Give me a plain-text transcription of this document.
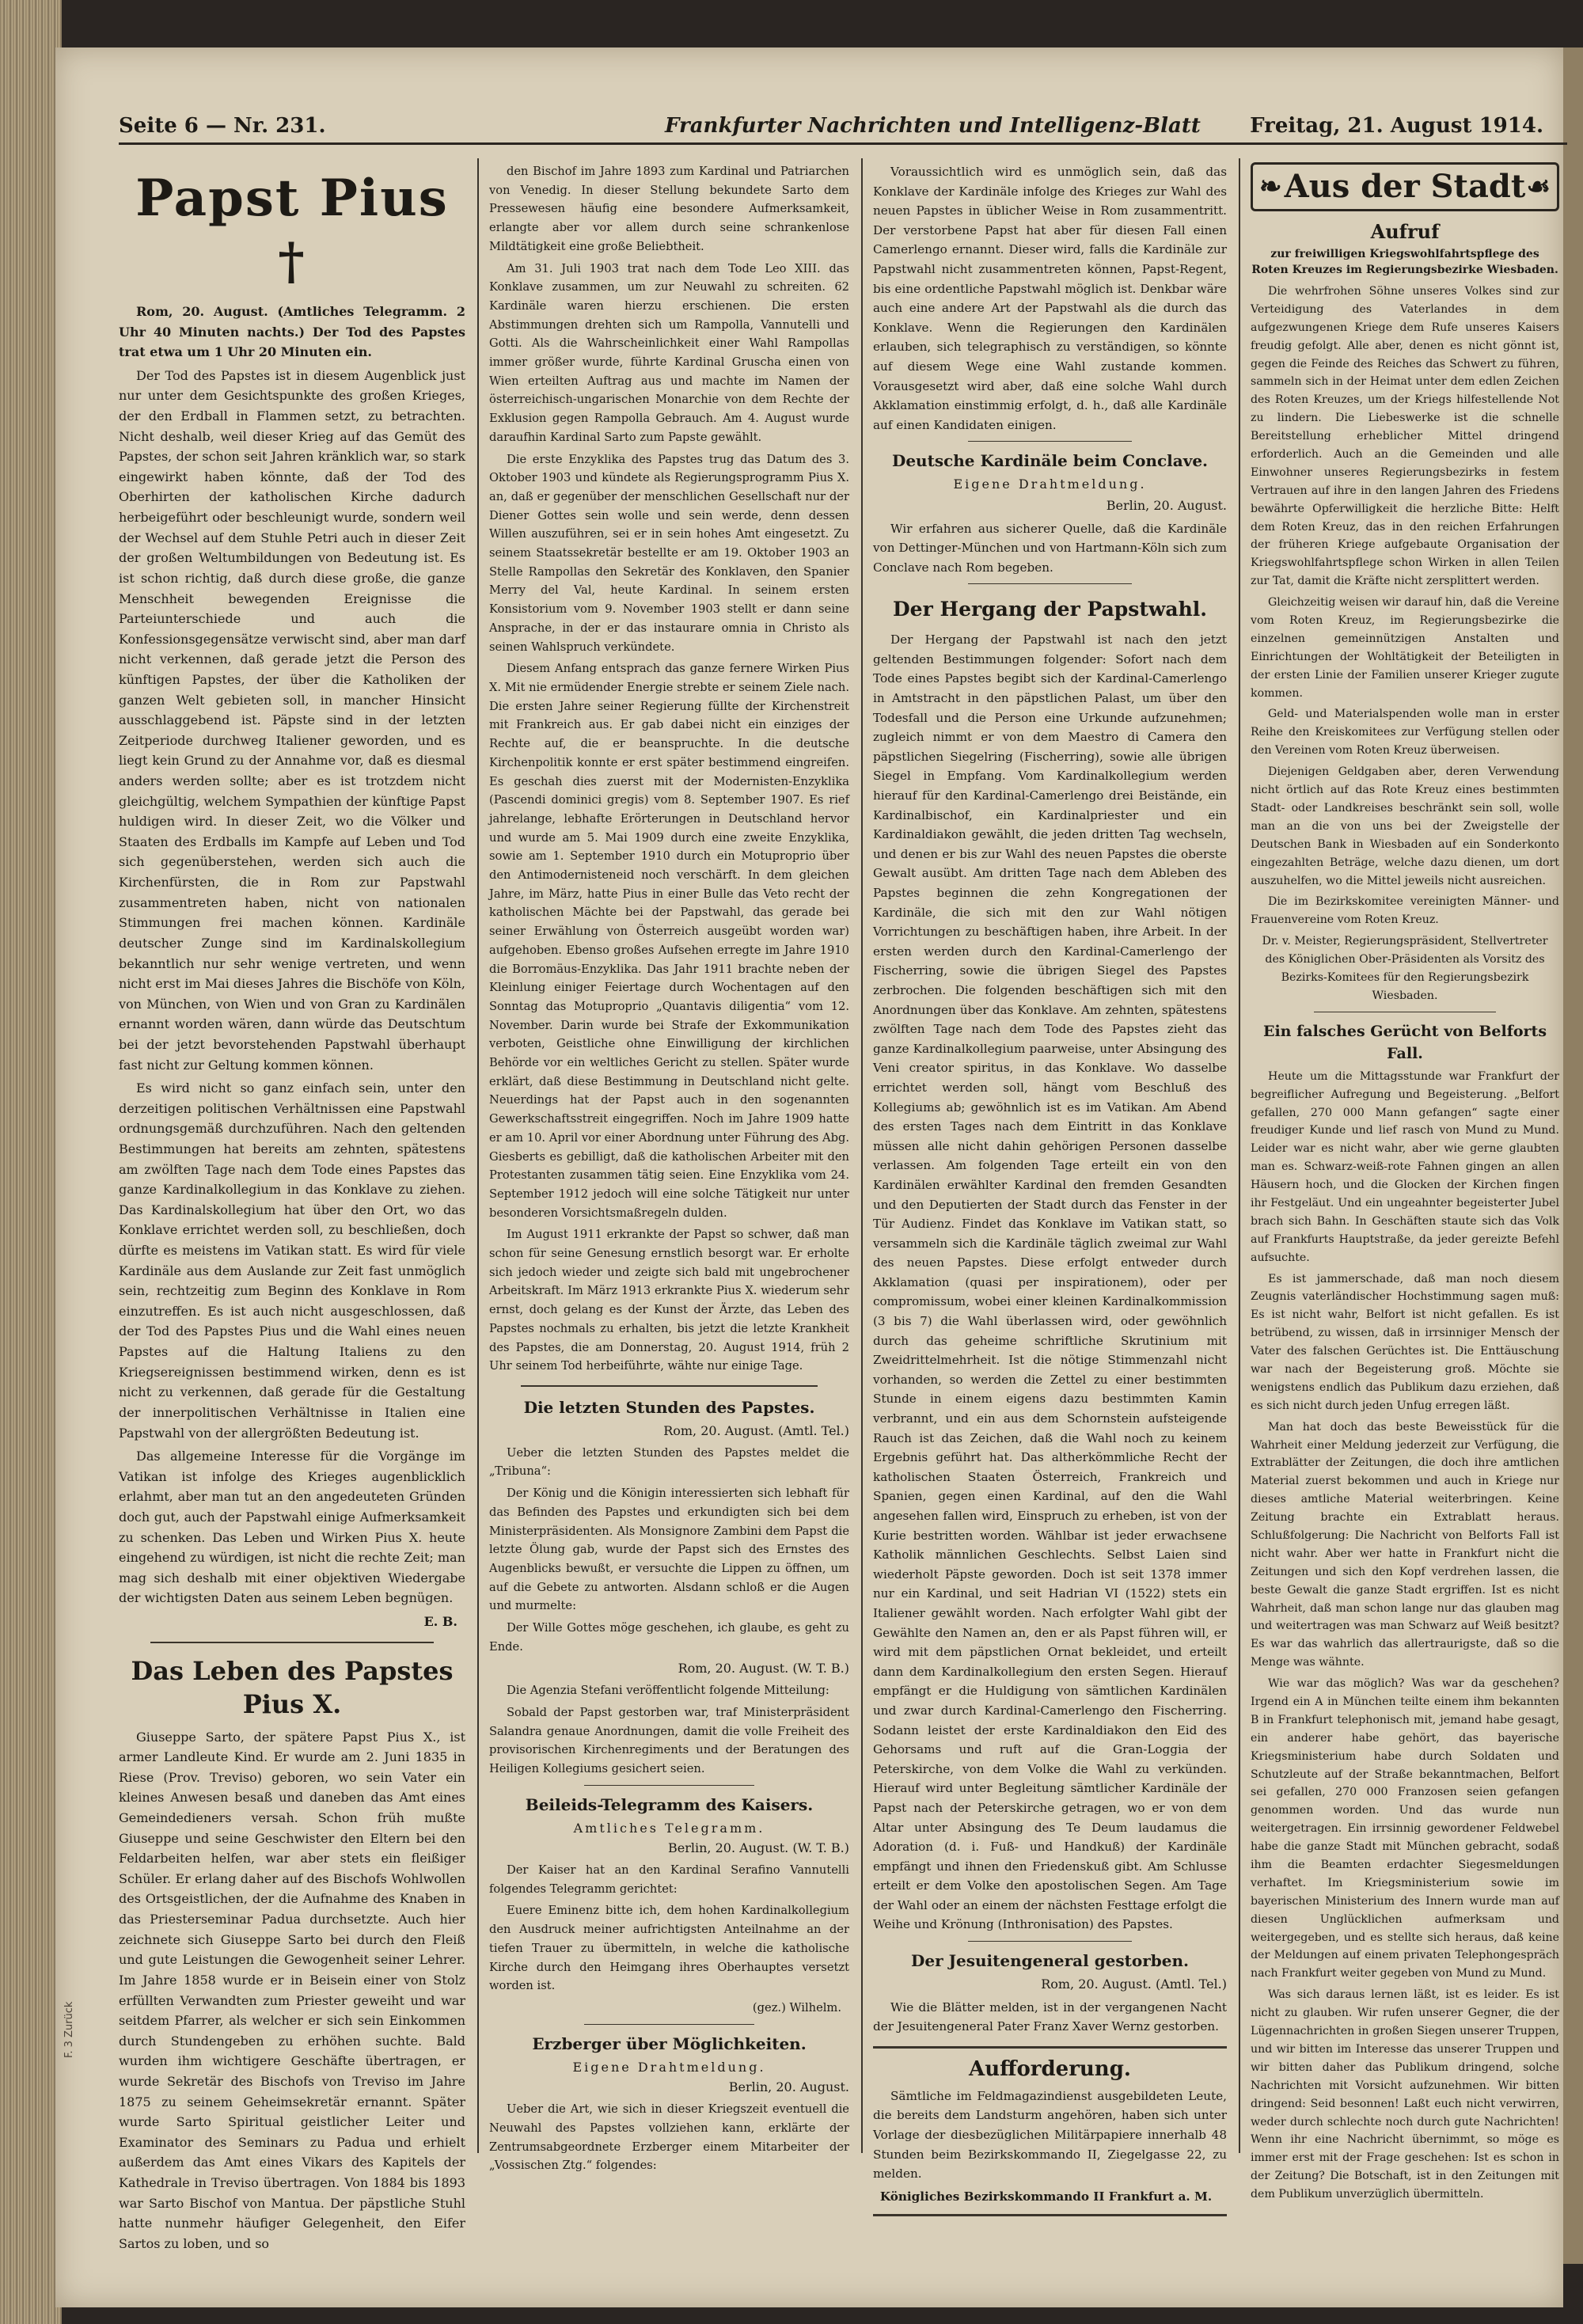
Seite 6 — Nr. 231.	Frankfurter Nachrichten und Intelligenz-Blatt Freitag, 21. August 1914.
Papst Pius †

Rom, 20. August. (Amtliches Telegramm. 2 Uhr 40 Minuten nachts.) Der Tod des Papstes trat etwa um 1 Uhr 20 Minuten ein.

Der Tod des Papstes ist in diesem Augenblick just nur unter dem Gesichtspunkte des großen Krieges, der den Erdball in Flammen setzt, zu betrachten. Nicht deshalb, weil dieser Krieg auf das Gemüt des Papstes, der schon seit Jahren kränklich war, so stark eingewirkt haben könnte, daß der Tod des Oberhirten der katholischen Kirche dadurch herbeigeführt oder beschleunigt wurde, sondern weil der Wechsel auf dem Stuhle Petri auch in dieser Zeit der großen Weltumbildungen von Bedeutung ist. Es ist schon richtig, daß durch diese große, die ganze Menschheit bewegenden Ereignisse die Parteiunterschiede und auch die Konfessionsgegensätze verwischt sind, aber man darf nicht verkennen, daß gerade jetzt die Person des künftigen Papstes, der über die Katholiken der ganzen Welt gebieten soll, in mancher Hinsicht ausschlaggebend ist. Päpste sind in der letzten Zeitperiode durchweg Italiener geworden, und es liegt kein Grund zu der Annahme vor, daß es diesmal anders werden sollte; aber es ist trotzdem nicht gleichgültig, welchem Sympathien der künftige Papst huldigen wird. In dieser Zeit, wo die Völker und Staaten des Erdballs im Kampfe auf Leben und Tod sich gegenüberstehen, werden sich auch die Kirchenfürsten, die in Rom zur Papstwahl zusammentreten haben, nicht von nationalen Stimmungen frei machen können. Kardinäle deutscher Zunge sind im Kardinalskollegium bekanntlich nur sehr wenige vertreten, und wenn nicht erst im Mai dieses Jahres die Bischöfe von Köln, von München, von Wien und von Gran zu Kardinälen ernannt worden wären, dann würde das Deutschtum bei der jetzt bevorstehenden Papstwahl überhaupt fast nicht zur Geltung kommen können.

Es wird nicht so ganz einfach sein, unter den derzeitigen politischen Verhältnissen eine Papstwahl ordnungsgemäß durchzuführen. Nach den geltenden Bestimmungen hat bereits am zehnten, spätestens am zwölften Tage nach dem Tode eines Papstes das ganze Kardinalkollegium in das Konklave zu ziehen. Das Kardinalskollegium hat über den Ort, wo das Konklave errichtet werden soll, zu beschließen, doch dürfte es meistens im Vatikan statt. Es wird für viele Kardinäle aus dem Auslande zur Zeit fast unmöglich sein, rechtzeitig zum Beginn des Konklave in Rom einzutreffen. Es ist auch nicht ausgeschlossen, daß der Tod des Papstes Pius und die Wahl eines neuen Papstes auf die Haltung Italiens zu den Kriegsereignissen bestimmend wirken, denn es ist nicht zu verkennen, daß gerade für die Gestaltung der innerpolitischen Verhältnisse in Italien eine Papstwahl von der allergrößten Bedeutung ist.

Das allgemeine Interesse für die Vorgänge im Vatikan ist infolge des Krieges augenblicklich erlahmt, aber man tut an den angedeuteten Gründen doch gut, auch der Papstwahl einige Aufmerksamkeit zu schenken. Das Leben und Wirken Pius X. heute eingehend zu würdigen, ist nicht die rechte Zeit; man mag sich deshalb mit einer objektiven Wiedergabe der wichtigsten Daten aus seinem Leben begnügen.

E. B.
Das Leben des Papstes Pius X.

Giuseppe Sarto, der spätere Papst Pius X., ist armer Landleute Kind. Er wurde am 2. Juni 1835 in Riese (Prov. Treviso) geboren, wo sein Vater ein kleines Anwesen besaß und daneben das Amt eines Gemeindedieners versah. Schon früh mußte Giuseppe und seine Geschwister den Eltern bei den Feldarbeiten helfen, war aber stets ein fleißiger Schüler. Er erlang daher auf des Bischofs Wohlwollen des Ortsgeistlichen, der die Aufnahme des Knaben in das Priesterseminar Padua durchsetzte. Auch hier zeichnete sich Giuseppe Sarto bei durch den Fleiß und gute Leistungen die Gewogenheit seiner Lehrer. Im Jahre 1858 wurde er in Beisein einer von Stolz erfüllten Verwandten zum Priester geweiht und war seitdem Pfarrer, als welcher er sich sein Einkommen durch Stundengeben zu erhöhen suchte. Bald wurden ihm wichtigere Geschäfte übertragen, er wurde Sekretär des Bischofs von Treviso im Jahre 1875 zu seinem Geheimsekretär ernannt. Später wurde Sarto Spiritual geistlicher Leiter und Examinator des Seminars zu Padua und erhielt außerdem das Amt eines Vikars des Kapitels der Kathedrale in Treviso übertragen. Von 1884 bis 1893 war Sarto Bischof von Mantua. Der päpstliche Stuhl hatte nunmehr häufiger Gelegenheit, den Eifer Sartos zu loben, und so

den Bischof im Jahre 1893 zum Kardinal und Patriarchen von Venedig. In dieser Stellung bekundete Sarto dem Pressewesen häufig eine besondere Aufmerksamkeit, erlangte aber vor allem durch seine schrankenlose Mildtätigkeit eine große Beliebtheit.

Am 31. Juli 1903 trat nach dem Tode Leo XIII. das Konklave zusammen, um zur Neuwahl zu schreiten. 62 Kardinäle waren hierzu erschienen. Die ersten Abstimmungen drehten sich um Rampolla, Vannutelli und Gotti. Als die Wahrscheinlichkeit einer Wahl Rampollas immer größer wurde, führte Kardinal Gruscha einen von Wien erteilten Auftrag aus und machte im Namen der österreichisch-ungarischen Monarchie von dem Rechte der Exklusion gegen Rampolla Gebrauch. Am 4. August wurde daraufhin Kardinal Sarto zum Papste gewählt.

Die erste Enzyklika des Papstes trug das Datum des 3. Oktober 1903 und kündete als Regierungsprogramm Pius X. an, daß er gegenüber der menschlichen Gesellschaft nur der Diener Gottes sein wolle und sein werde, denn dessen Willen auszuführen, sei er in sein hohes Amt eingesetzt. Zu seinem Staatssekretär bestellte er am 19. Oktober 1903 an Stelle Rampollas den Sekretär des Konklaven, den Spanier Merry del Val, heute Kardinal. In seinem ersten Konsistorium vom 9. November 1903 stellt er dann seine Ansprache, in der er das instaurare omnia in Christo als seinen Wahlspruch verkündete.

Diesem Anfang entsprach das ganze fernere Wirken Pius X. Mit nie ermüdender Energie strebte er seinem Ziele nach. Die ersten Jahre seiner Regierung füllte der Kirchenstreit mit Frankreich aus. Er gab dabei nicht ein einziges der Rechte auf, die er beanspruchte. In die deutsche Kirchenpolitik konnte er erst später bestimmend eingreifen. Es geschah dies zuerst mit der Modernisten-Enzyklika (Pascendi dominici gregis) vom 8. September 1907. Es rief jahrelange, lebhafte Erörterungen in Deutschland hervor und wurde am 5. Mai 1909 durch eine zweite Enzyklika, sowie am 1. September 1910 durch ein Motuproprio über den Antimodernisteneid noch verschärft. In dem gleichen Jahre, im März, hatte Pius in einer Bulle das Veto recht der katholischen Mächte bei der Papstwahl, das gerade bei seiner Erwählung von Österreich ausgeübt worden war) aufgehoben. Ebenso großes Aufsehen erregte im Jahre 1910 die Borromäus-Enzyklika. Das Jahr 1911 brachte neben der Kleinlung einiger Feiertage durch Wochentagen auf den Sonntag das Motuproprio „Quantavis diligentia“ vom 12. November. Darin wurde bei Strafe der Exkommunikation verboten, Geistliche ohne Einwilligung der kirchlichen Behörde vor ein weltliches Gericht zu stellen. Später wurde erklärt, daß diese Bestimmung in Deutschland nicht gelte. Neuerdings hat der Papst auch in den sogenannten Gewerkschaftsstreit eingegriffen. Noch im Jahre 1909 hatte er am 10. April vor einer Abordnung unter Führung des Abg. Giesberts es gebilligt, daß die katholischen Arbeiter mit den Protestanten zusammen tätig seien. Eine Enzyklika vom 24. September 1912 jedoch will eine solche Tätigkeit nur unter besonderen Vorsichtsmaßregeln dulden.

Im August 1911 erkrankte der Papst so schwer, daß man schon für seine Genesung ernstlich besorgt war. Er erholte sich jedoch wieder und zeigte sich bald mit ungebrochener Arbeitskraft. Im März 1913 erkrankte Pius X. wiederum sehr ernst, doch gelang es der Kunst der Ärzte, das Leben des Papstes nochmals zu erhalten, bis jetzt die letzte Krankheit des Papstes, die am Donnerstag, 20. August 1914, früh 2 Uhr seinem Tod herbeiführte, wähte nur einige Tage.

Die letzten Stunden des Papstes.
Rom, 20. August. (Amtl. Tel.)

Ueber die letzten Stunden des Papstes meldet die „Tribuna“:

Der König und die Königin interessierten sich lebhaft für das Befinden des Papstes und erkundigten sich bei dem Ministerpräsidenten. Als Monsignore Zambini dem Papst die letzte Ölung gab, wurde der Papst sich des Ernstes des Augenblicks bewußt, er versuchte die Lippen zu öffnen, um auf die Gebete zu antworten. Alsdann schloß er die Augen und murmelte:

Der Wille Gottes möge geschehen, ich glaube, es geht zu Ende.

Rom, 20. August. (W. T. B.)

Die Agenzia Stefani veröffentlicht folgende Mitteilung:

Sobald der Papst gestorben war, traf Ministerpräsident Salandra genaue Anordnungen, damit die volle Freiheit des provisorischen Kirchenregiments und der Beratungen des Heiligen Kollegiums gesichert seien.

Beileids-Telegramm des Kaisers.
Amtliches Telegramm.
Berlin, 20. August. (W. T. B.)

Der Kaiser hat an den Kardinal Serafino Vannutelli folgendes Telegramm gerichtet:

Euere Eminenz bitte ich, dem hohen Kardinalkollegium den Ausdruck meiner aufrichtigsten Anteilnahme an der tiefen Trauer zu übermitteln, in welche die katholische Kirche durch den Heimgang ihres Oberhauptes versetzt worden ist.

(gez.) Wilhelm.
Erzberger über Möglichkeiten.
Eigene Drahtmeldung.
Berlin, 20. August.

Ueber die Art, wie sich in dieser Kriegszeit eventuell die Neuwahl des Papstes vollziehen kann, erklärte der Zentrumsabgeordnete Erzberger einem Mitarbeiter der „Vossischen Ztg.“ folgendes:

Voraussichtlich wird es unmöglich sein, daß das Konklave der Kardinäle infolge des Krieges zur Wahl des neuen Papstes in üblicher Weise in Rom zusammentritt. Der verstorbene Papst hat aber für diesen Fall einen Camerlengo ernannt. Dieser wird, falls die Kardinäle zur Papstwahl nicht zusammentreten können, Papst-Regent, bis eine ordentliche Papstwahl möglich ist. Denkbar wäre auch eine andere Art der Papstwahl als die durch das Konklave. Wenn die Regierungen den Kardinälen erlauben, sich telegraphisch zu verständigen, so könnte auf diesem Wege eine Wahl zustande kommen. Vorausgesetzt wird aber, daß eine solche Wahl durch Akklamation einstimmig erfolgt, d. h., daß alle Kardinäle auf einen Kandidaten einigen.

Deutsche Kardinäle beim Conclave.
Eigene Drahtmeldung.
Berlin, 20. August.

Wir erfahren aus sicherer Quelle, daß die Kardinäle von Dettinger-München und von Hartmann-Köln sich zum Conclave nach Rom begeben.

Der Hergang der Papstwahl.

Der Hergang der Papstwahl ist nach den jetzt geltenden Bestimmungen folgender: Sofort nach dem Tode eines Papstes begibt sich der Kardinal-Camerlengo in Amtstracht in den päpstlichen Palast, um über den Todesfall und die Person eine Urkunde aufzunehmen; zugleich nimmt er von dem Maestro di Camera den päpstlichen Siegelring (Fischerring), sowie alle übrigen Siegel in Empfang. Vom Kardinalkollegium werden hierauf für den Kardinal-Camerlengo drei Beistände, ein Kardinalbischof, ein Kardinalpriester und ein Kardinaldiakon gewählt, die jeden dritten Tag wechseln, und denen er bis zur Wahl des neuen Papstes die oberste Gewalt ausübt. Am dritten Tage nach dem Ableben des Papstes beginnen die zehn Kongregationen der Kardinäle, die sich mit den zur Wahl nötigen Vorrichtungen zu beschäftigen haben, ihre Arbeit. In der ersten werden durch den Kardinal-Camerlengo der Fischerring, sowie die übrigen Siegel des Papstes zerbrochen. Die folgenden beschäftigen sich mit den Anordnungen über das Konklave. Am zehnten, spätestens zwölften Tage nach dem Tode des Papstes zieht das ganze Kardinalkollegium paarweise, unter Absingung des Veni creator spiritus, in das Konklave. Wo dasselbe errichtet werden soll, hängt vom Beschluß des Kollegiums ab; gewöhnlich ist es im Vatikan. Am Abend des ersten Tages nach dem Eintritt in das Konklave müssen alle nicht dahin gehörigen Personen dasselbe verlassen. Am folgenden Tage erteilt ein von den Kardinälen erwählter Kardinal den fremden Gesandten und den Deputierten der Stadt durch das Fenster in der Tür Audienz. Findet das Konklave im Vatikan statt, so versammeln sich die Kardinäle täglich zweimal zur Wahl des neuen Papstes. Diese erfolgt entweder durch Akklamation (quasi per inspirationem), oder per compromissum, wobei einer kleinen Kardinalkommission (3 bis 7) die Wahl überlassen wird, oder gewöhnlich durch das geheime schriftliche Skrutinium mit Zweidrittelmehrheit. Ist die nötige Stimmenzahl nicht vorhanden, so werden die Zettel zu einer bestimmten Stunde in einem eigens dazu bestimmten Kamin verbrannt, und ein aus dem Schornstein aufsteigende Rauch ist das Zeichen, daß die Wahl noch zu keinem Ergebnis geführt hat. Das altherkömmliche Recht der katholischen Staaten Österreich, Frankreich und Spanien, gegen einen Kardinal, auf den die Wahl angesehen fallen wird, Einspruch zu erheben, ist von der Kurie bestritten worden. Wählbar ist jeder erwachsene Katholik männlichen Geschlechts. Selbst Laien sind wiederholt Päpste geworden. Doch ist seit 1378 immer nur ein Kardinal, und seit Hadrian VI (1522) stets ein Italiener gewählt worden. Nach erfolgter Wahl gibt der Gewählte den Namen an, den er als Papst führen will, er wird mit dem päpstlichen Ornat bekleidet, und erteilt dann dem Kardinalkollegium den ersten Segen. Hierauf empfängt er die Huldigung von sämtlichen Kardinälen und zwar durch Kardinal-Camerlengo den Fischerring. Sodann leistet der erste Kardinaldiakon den Eid des Gehorsams und ruft auf die Gran-Loggia der Peterskirche, von dem Volke die Wahl zu verkünden. Hierauf wird unter Begleitung sämtlicher Kardinäle der Papst nach der Peterskirche getragen, wo er von dem Altar unter Absingung des Te Deum laudamus die Adoration (d. i. Fuß- und Handkuß) der Kardinäle empfängt und ihnen den Friedenskuß gibt. Am Schlusse erteilt er dem Volke den apostolischen Segen. Am Tage der Wahl oder an einem der nächsten Festtage erfolgt die Weihe und Krönung (Inthronisation) des Papstes.

Der Jesuitengeneral gestorben.
Rom, 20. August. (Amtl. Tel.)

Wie die Blätter melden, ist in der vergangenen Nacht der Jesuitengeneral Pater Franz Xaver Wernz gestorben.

Aufforderung.

Sämtliche im Feldmagazindienst ausgebildeten Leute, die bereits dem Landsturm angehören, haben sich unter Vorlage der diesbezüglichen Militärpapiere innerhalb 48 Stunden beim Bezirkskommando II, Ziegelgasse 22, zu melden.

Königliches Bezirkskommando II Frankfurt a. M.
❧ Aus der Stadt ☙
Aufruf
zur freiwilligen Kriegswohlfahrtspflege des Roten Kreuzes im Regierungsbezirke Wiesbaden.

Die wehrfrohen Söhne unseres Volkes sind zur Verteidigung des Vaterlandes in dem aufgezwungenen Kriege dem Rufe unseres Kaisers freudig gefolgt. Alle aber, denen es nicht gönnt ist, gegen die Feinde des Reiches das Schwert zu führen, sammeln sich in der Heimat unter dem edlen Zeichen des Roten Kreuzes, um der Kriegs hilfestellende Not zu lindern. Die Liebeswerke ist die schnelle Bereitstellung erheblicher Mittel dringend erforderlich. Auch an die Gemeinden und alle Einwohner unseres Regierungsbezirks in festem Vertrauen auf ihre in den langen Jahren des Friedens bewährte Opferwilligkeit die herzliche Bitte: Helft dem Roten Kreuz, das in den reichen Erfahrungen der früheren Kriege aufgebaute Organisation der Kriegswohlfahrtspflege schon Wirken in allen Teilen zur Tat, damit die Kräfte nicht zersplittert werden.

Gleichzeitig weisen wir darauf hin, daß die Vereine vom Roten Kreuz, im Regierungsbezirke die einzelnen gemeinnützigen Anstalten und Einrichtungen der Wohltätigkeit der Beteiligten in der ersten Linie der Familien unserer Krieger zugute kommen.

Geld- und Materialspenden wolle man in erster Reihe den Kreiskomitees zur Verfügung stellen oder den Vereinen vom Roten Kreuz überweisen.

Diejenigen Geldgaben aber, deren Verwendung nicht örtlich auf das Rote Kreuz eines bestimmten Stadt- oder Landkreises beschränkt sein soll, wolle man an die von uns bei der Zweigstelle der Deutschen Bank in Wiesbaden auf ein Sonderkonto eingezahlten Beträge, welche dazu dienen, um dort auszuhelfen, wo die Mittel jeweils nicht ausreichen.

Die im Bezirkskomitee vereinigten Männer- und Frauenvereine vom Roten Kreuz.

Dr. v. Meister, Regierungspräsident, Stellvertreter des Königlichen Ober-Präsidenten als Vorsitz des Bezirks-Komitees für den Regierungsbezirk Wiesbaden.

Ein falsches Gerücht von Belforts Fall.

Heute um die Mittagsstunde war Frankfurt der begreiflicher Aufregung und Begeisterung. „Belfort gefallen, 270 000 Mann gefangen“ sagte einer freudiger Kunde und lief rasch von Mund zu Mund. Leider war es nicht wahr, aber wie gerne glaubten man es. Schwarz-weiß-rote Fahnen gingen an allen Häusern hoch, und die Glocken der Kirchen fingen ihr Festgeläut. Und ein ungeahnter begeisterter Jubel brach sich Bahn. In Geschäften staute sich das Volk auf Frankfurts Hauptstraße, da jeder gereizte Befehl aufsuchte.

Es ist jammerschade, daß man noch diesem Zeugnis vaterländischer Hochstimmung sagen muß: Es ist nicht wahr, Belfort ist nicht gefallen. Es ist betrübend, zu wissen, daß in irrsinniger Mensch der Vater des falschen Gerüchtes ist. Die Enttäuschung war nach der Begeisterung groß. Möchte sie wenigstens endlich das Publikum dazu erziehen, daß es sich nicht durch jeden Unfug erregen läßt.

Man hat doch das beste Beweisstück für die Wahrheit einer Meldung jederzeit zur Verfügung, die Extrablätter der Zeitungen, die doch ihre amtlichen Material zuerst bekommen und auch in Kriege nur dieses amtliche Material weiterbringen. Keine Zeitung brachte ein Extrablatt heraus. Schlußfolgerung: Die Nachricht von Belforts Fall ist nicht wahr. Aber wer hatte in Frankfurt nicht die Zeitungen und sich den Kopf verdrehen lassen, die beste Gewalt die ganze Stadt ergriffen. Ist es nicht Wahrheit, daß man schon lange nur das glauben mag und weitertragen was man Schwarz auf Weiß besitzt? Es war das wahrlich das allertraurigste, daß so die Menge was wähnte.

Wie war das möglich? Was war da geschehen? Irgend ein A in München teilte einem ihm bekannten B in Frankfurt telephonisch mit, jemand habe gesagt, ein anderer habe gehört, das bayerische Kriegsministerium habe durch Soldaten und Schutzleute auf der Straße bekanntmachen, Belfort sei gefallen, 270 000 Franzosen seien gefangen genommen worden. Und das wurde nun weitergetragen. Ein irrsinnig gewordener Feldwebel habe die ganze Stadt mit München gebracht, sodaß ihm die Beamten erdachter Siegesmeldungen verhaftet. Im Kriegsministerium sowie im bayerischen Ministerium des Innern wurde man auf diesen Unglücklichen aufmerksam und weitergegeben, und es stellte sich heraus, daß keine der Meldungen auf einem privaten Telephongespräch nach Frankfurt weiter gegeben von Mund zu Mund.

Was sich daraus lernen läßt, ist es leider. Es ist nicht zu glauben. Wir rufen unserer Gegner, die der Lügennachrichten in großen Siegen unserer Truppen, und wir bitten im Interesse das unserer Truppen und wir bitten daher das Publikum dringend, solche Nachrichten mit Vorsicht aufzunehmen. Wir bitten dringend: Seid besonnen! Laßt euch nicht verwirren, weder durch schlechte noch durch gute Nachrichten! Wenn ihr eine Nachricht übernimmt, so möge es immer erst mit der Frage geschehen: Ist es schon in der Zeitung? Die Botschaft, ist in den Zeitungen mit dem Publikum unverzüglich übermitteln.

F. 3 Zurück
